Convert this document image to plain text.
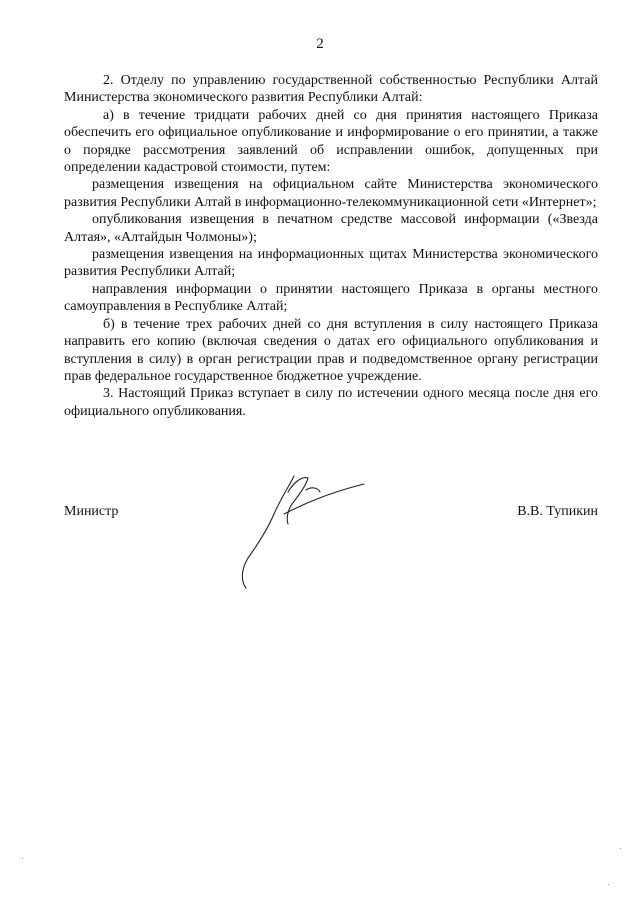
2

2. Отделу по управлению государственной собственностью Республики Алтай Министерства экономического развития Республики Алтай:

а) в течение тридцати рабочих дней со дня принятия настоящего Приказа обеспечить его официальное опубликование и информирование о его принятии, а также о порядке рассмотрения заявлений об исправлении ошибок, допущенных при определении кадастровой стоимости, путем:

размещения извещения на официальном сайте Министерства экономического развития Республики Алтай в информационно-телекоммуникационной сети «Интернет»;

опубликования извещения в печатном средстве массовой информации («Звезда Алтая», «Алтайдын Чолмоны»);

размещения извещения на информационных щитах Министерства экономического развития Республики Алтай;

направления информации о принятии настоящего Приказа в органы местного самоуправления в Республике Алтай;

б) в течение трех рабочих дней со дня вступления в силу настоящего Приказа направить его копию (включая сведения о датах его официального опубликования и вступления в силу) в орган регистрации прав и подведомственное органу регистрации прав федеральное государственное бюджетное учреждение.

3. Настоящий Приказ вступает в силу по истечении одного месяца после дня его официального опубликования.

Министр	В.В. Тупикин
